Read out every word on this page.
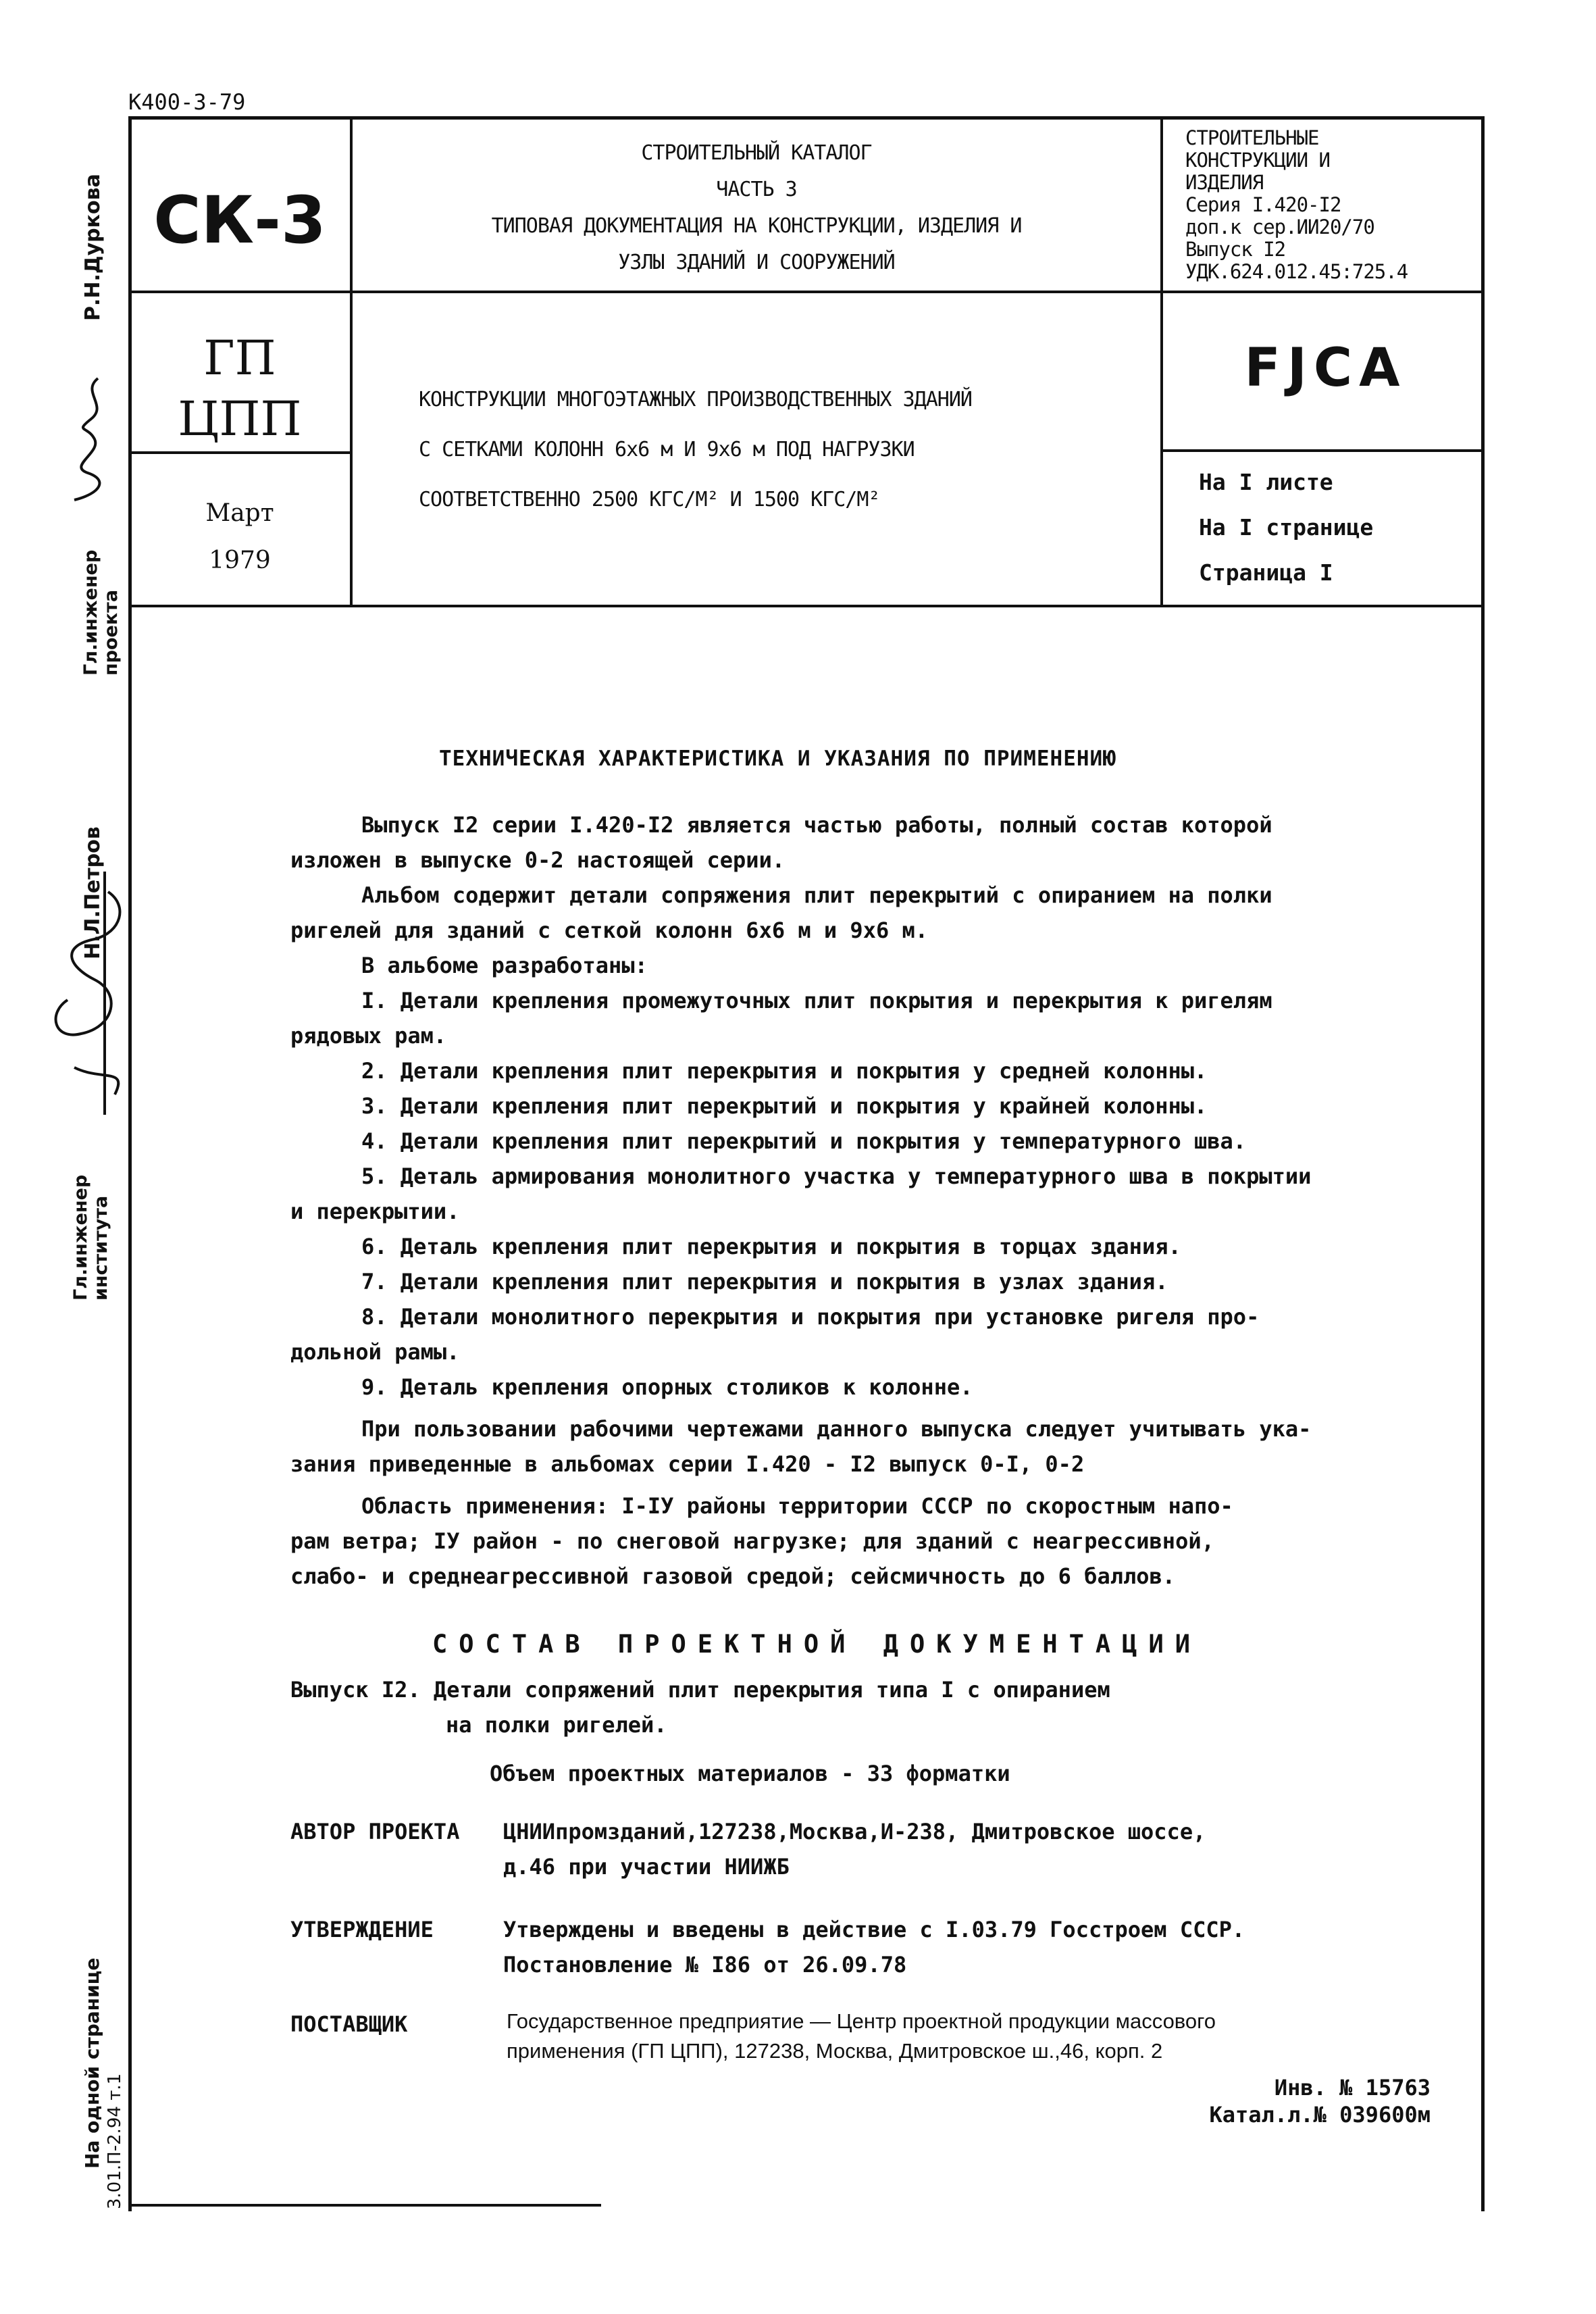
К400-3-79
СК-3
ГП
ЦПП
Март
1979
СТРОИТЕЛЬНЫЙ КАТАЛОГ
ЧАСТЬ 3
ТИПОВАЯ ДОКУМЕНТАЦИЯ НА КОНСТРУКЦИИ, ИЗДЕЛИЯ И
УЗЛЫ ЗДАНИЙ И СООРУЖЕНИЙ
КОНСТРУКЦИИ МНОГОЭТАЖНЫХ ПРОИЗВОДСТВЕННЫХ ЗДАНИЙ
С СЕТКАМИ КОЛОНН 6х6 м И 9х6 м ПОД НАГРУЗКИ
СООТВЕТСТВЕННО 2500 КГС/М² И 1500 КГС/М²
СТРОИТЕЛЬНЫЕ
КОНСТРУКЦИИ И
ИЗДЕЛИЯ
Серия I.420-I2
доп.к сер.ИИ20/70
Выпуск I2
УДК.624.012.45:725.4
FJCA
На I листе
На I странице
Страница I
ТЕХНИЧЕСКАЯ ХАРАКТЕРИСТИКА И УКАЗАНИЯ ПО ПРИМЕНЕНИЮ
Выпуск I2 серии I.420-I2 является частью работы, полный состав которой
изложен в выпуске 0-2 настоящей серии.
Альбом содержит детали сопряжения плит перекрытий с опиранием на полки
ригелей для зданий с сеткой колонн 6х6 м и 9х6 м.
В альбоме разработаны:
I. Детали крепления промежуточных плит покрытия и перекрытия к ригелям
рядовых рам.
2. Детали крепления плит перекрытия и покрытия у средней колонны.
3. Детали крепления плит перекрытий и покрытия у крайней колонны.
4. Детали крепления плит перекрытий и покрытия у температурного шва.
5. Деталь армирования монолитного участка у температурного шва в покрытии
и перекрытии.
6. Деталь крепления плит перекрытия и покрытия в торцах здания.
7. Детали крепления плит перекрытия и покрытия в узлах здания.
8. Детали монолитного перекрытия и покрытия при установке ригеля про-
дольной рамы.
9. Деталь крепления опорных столиков к колонне.
При пользовании рабочими чертежами данного выпуска следует учитывать ука-
зания приведенные в альбомах серии I.420 - I2 выпуск 0-I, 0-2
Область применения: I-IУ районы территории СССР по скоростным напо-
рам ветра; IУ район - по снеговой нагрузке; для зданий с неагрессивной,
слабо- и среднеагрессивной газовой средой; сейсмичность до 6 баллов.
СОСТАВ ПРОЕКТНОЙ ДОКУМЕНТАЦИИ
Выпуск I2. Детали сопряжений плит перекрытия типа I с опиранием
на полки ригелей.
Объем проектных материалов - 33 форматки
АВТОР ПРОЕКТА	ЦНИИпромзданий,127238,Москва,И-238, Дмитровское шоссе,
д.46 при участии НИИЖБ
УТВЕРЖДЕНИЕ	Утверждены и введены в действие с I.03.79 Госстроем СССР.
Постановление № I86 от 26.09.78
ПОСТАВЩИК	Государственное предприятие — Центр проектной продукции массового
применения (ГП ЦПП), 127238, Москва, Дмитровское ш.,46, корп. 2
Инв. № 15763
Катал.л.№ 039600м
Р.Н.Дуркова
Гл.инженер проекта
Н.Л.Петров
Гл.инженер института
На одной странице 3.01.П-2.94 т.1
